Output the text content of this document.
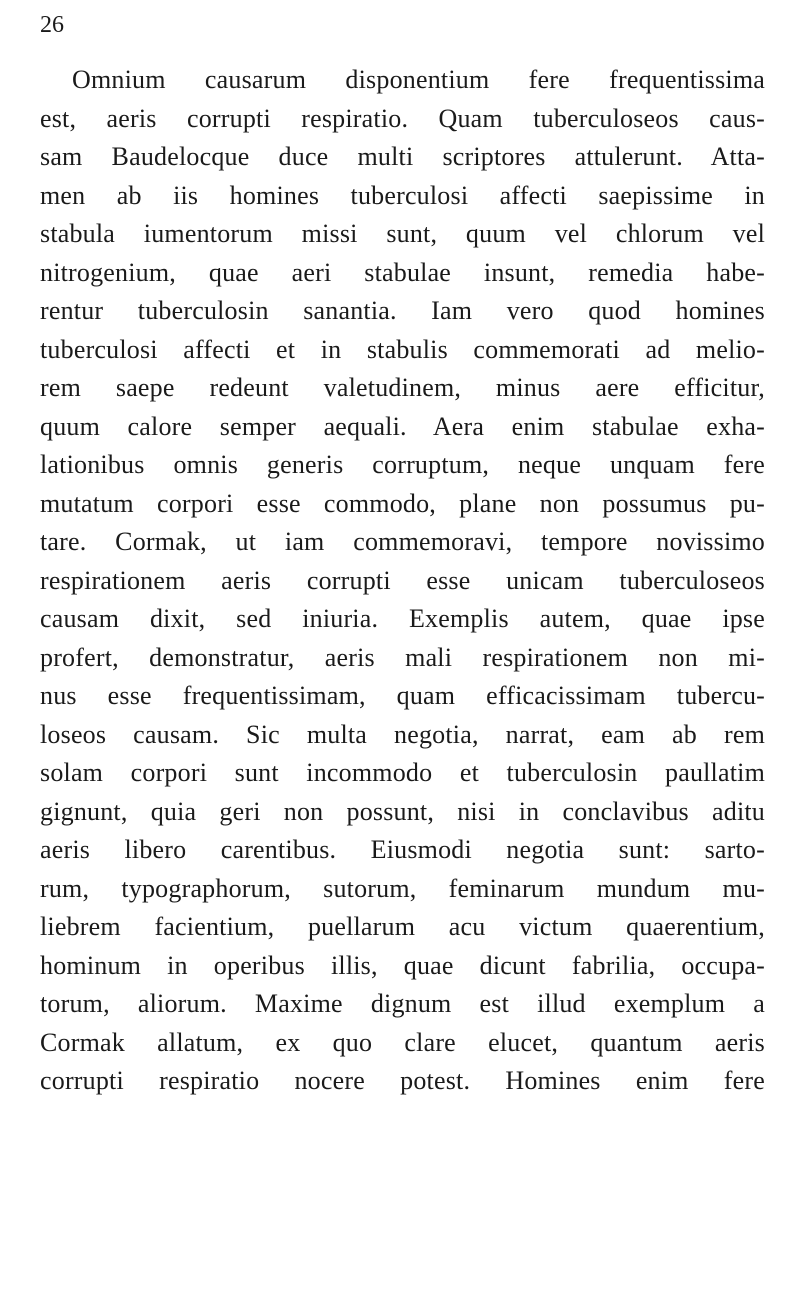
26
Omnium causarum disponentium fere frequentissima
est, aeris corrupti respiratio. Quam tuberculoseos caus-
sam Baudelocque duce multi scriptores attulerunt. Atta-
men ab iis homines tuberculosi affecti saepissime in
stabula iumentorum missi sunt, quum vel chlorum vel
nitrogenium, quae aeri stabulae insunt, remedia habe-
rentur tuberculosin sanantia. Iam vero quod homines
tuberculosi affecti et in stabulis commemorati ad melio-
rem saepe redeunt valetudinem, minus aere efficitur,
quum calore semper aequali. Aera enim stabulae exha-
lationibus omnis generis corruptum, neque unquam fere
mutatum corpori esse commodo, plane non possumus pu-
tare. Cormak, ut iam commemoravi, tempore novissimo
respirationem aeris corrupti esse unicam tuberculoseos
causam dixit, sed iniuria. Exemplis autem, quae ipse
profert, demonstratur, aeris mali respirationem non mi-
nus esse frequentissimam, quam efficacissimam tubercu-
loseos causam. Sic multa negotia, narrat, eam ab rem
solam corpori sunt incommodo et tuberculosin paullatim
gignunt, quia geri non possunt, nisi in conclavibus aditu
aeris libero carentibus. Eiusmodi negotia sunt: sarto-
rum, typographorum, sutorum, feminarum mundum mu-
liebrem facientium, puellarum acu victum quaerentium,
hominum in operibus illis, quae dicunt fabrilia, occupa-
torum, aliorum. Maxime dignum est illud exemplum a
Cormak allatum, ex quo clare elucet, quantum aeris
corrupti respiratio nocere potest. Homines enim fere
